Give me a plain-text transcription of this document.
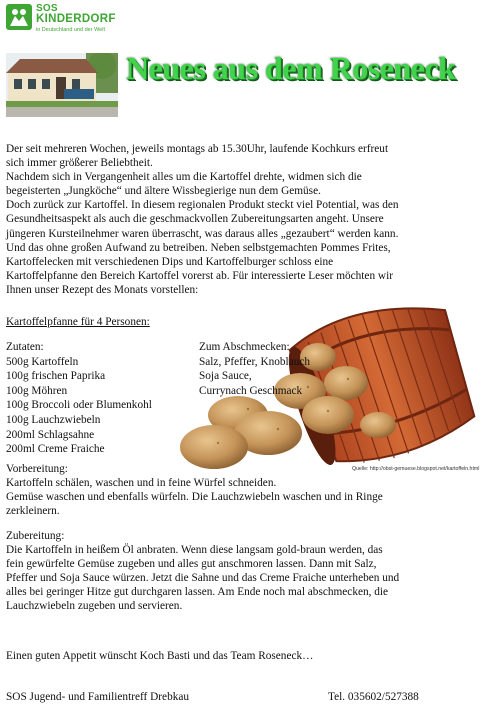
SOS
KINDERDORF
in Deutschland und der Welt
Neues aus dem Roseneck
Der seit mehreren Wochen, jeweils montags ab 15.30Uhr, laufende Kochkurs erfreut
sich immer größerer Beliebtheit.
Nachdem sich in Vergangenheit alles um die Kartoffel drehte, widmen sich die
begeisterten „Jungköche“ und ältere Wissbegierige nun dem Gemüse.
Doch zurück zur Kartoffel. In diesem regionalen Produkt steckt viel Potential, was den
Gesundheitsaspekt als auch die geschmackvollen Zubereitungsarten angeht. Unsere
jüngeren Kursteilnehmer waren überrascht, was daraus alles „gezaubert“ werden kann.
Und das ohne großen Aufwand zu betreiben. Neben selbstgemachten Pommes Frites,
Kartoffelecken mit verschiedenen Dips und Kartoffelburger schloss eine
Kartoffelpfanne den Bereich Kartoffel vorerst ab. Für interessierte Leser möchten wir
Ihnen unser Rezept des Monats vorstellen:
Kartoffelpfanne für 4 Personen:
Zutaten:
500g Kartoffeln
100g frischen Paprika
100g Möhren
100g Broccoli oder Blumenkohl
100g Lauchzwiebeln
200ml Schlagsahne
200ml Creme Fraiche
Zum Abschmecken:
Salz, Pfeffer, Knoblauch
Soja Sauce,
Currynach Geschmack
Quelle: http://obst-gemuese.blogspot.net/kartoffeln.html
Vorbereitung:
Kartoffeln schälen, waschen und in feine Würfel schneiden.
Gemüse waschen und ebenfalls würfeln. Die Lauchzwiebeln waschen und in Ringe
zerkleinern.
Zubereitung:
Die Kartoffeln in heißem Öl anbraten. Wenn diese langsam gold-braun werden, das
fein gewürfelte Gemüse zugeben und alles gut anschmoren lassen. Dann mit Salz,
Pfeffer und Soja Sauce würzen. Jetzt die Sahne und das Creme Fraiche unterheben und
alles bei geringer Hitze gut durchgaren lassen. Am Ende noch mal abschmecken, die
Lauchzwiebeln zugeben und servieren.
Einen guten Appetit wünscht Koch Basti und das Team Roseneck…
SOS Jugend- und Familientreff Drebkau	Tel. 035602/527388
